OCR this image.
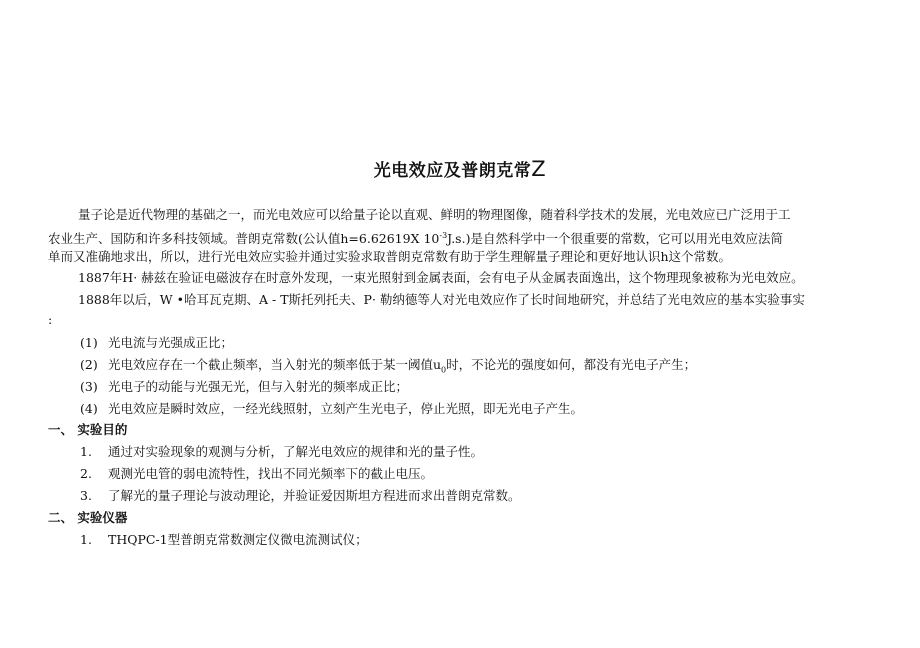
光电效应及普朗克常Z
量子论是近代物理的基础之一，而光电效应可以给量子论以直观、鲜明的物理图像，随着科学技术的发展，光电效应已广泛用于工
农业生产、国防和许多科技领域。普朗克常数(公认值h=6.62619X $10^{-3}J.s$.)是自然科学中一个很重要的常数，它可以用光电效应法简
单而又准确地求出，所以，进行光电效应实验并通过实验求取普朗克常数有助于学生理解量子理论和更好地认识h这个常数。
1887年H· 赫兹在验证电磁波存在时意外发现，一束光照射到金属表面，会有电子从金属表面逸出，这个物理现象被称为光电效应。
1888年以后，W •哈耳瓦克期、A - T斯托列托夫、P· 勒纳德等人对光电效应作了长时间地研究，并总结了光电效应的基本实验事实
:
(1) 光电流与光强成正比；
(2) 光电效应存在一个截止频率，当入射光的频率低于某一阈值$u_0$时，不论光的强度如何，都没有光电子产生；
(3) 光电子的动能与光强无光，但与入射光的频率成正比；
(4) 光电效应是瞬时效应，一经光线照射，立刻产生光电子，停止光照，即无光电子产生。
一、 实验目的
1. 通过对实验现象的观测与分析，了解光电效应的规律和光的量子性。
2. 观测光电管的弱电流特性，找出不同光频率下的截止电压。
3. 了解光的量子理论与波动理论，并验证爱因斯坦方程进而求出普朗克常数。
二、 实验仪器
1. THQPC-1型普朗克常数测定仪微电流测试仪；
